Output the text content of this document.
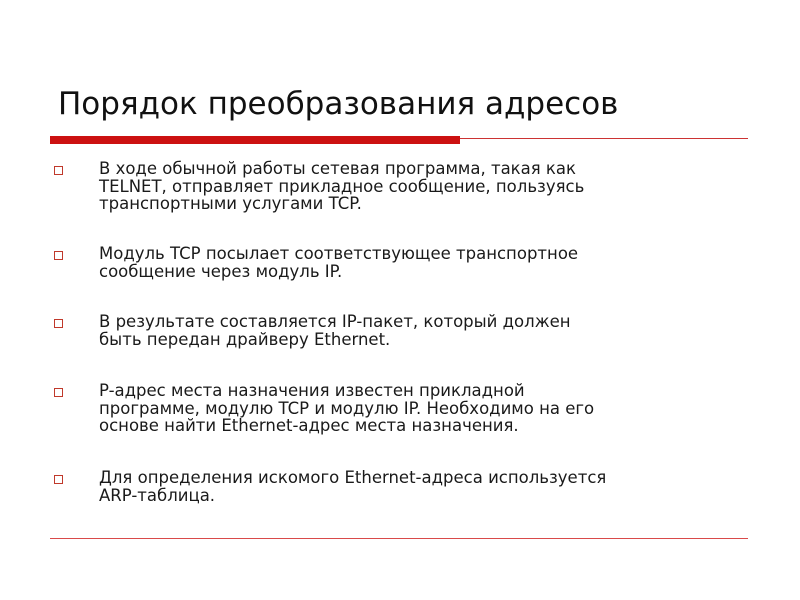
Порядок преобразования адресов
В ходе обычной работы сетевая программа, такая как
TELNET, отправляет прикладное сообщение, пользуясь
транспортными услугами TCP.
Модуль TCP посылает соответствующее транспортное
сообщение через модуль IP.
В результате составляется IP-пакет, который должен
быть передан драйверу Ethernet.
P-адрес места назначения известен прикладной
программе, модулю TCP и модулю IP. Необходимо на его
основе найти Ethernet-адрес места назначения.
Для определения искомого Ethernet-адреса используется
ARP-таблица.
